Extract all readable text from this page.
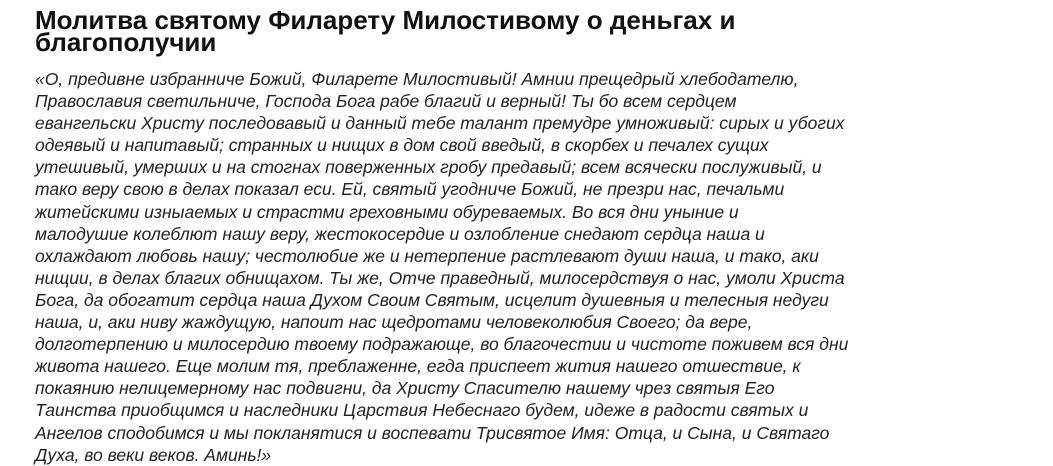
Молитва святому Филарету Милостивому о деньгах и
благополучии

«О, предивне избранниче Божий, Филарете Милостивый! Амнии прещедрый хлебодателю,
Православия светильниче, Господа Бога рабе благий и верный! Ты бо всем сердцем
евангельски Христу последовавый и данный тебе талант премудре умноживый: сирых и убогих
одеявый и напитавый; странных и нищих в дом свой введый, в скорбех и печалех сущих
утешивый, умерших и на стогнах поверженных гробу предавый; всем всячески послуживый, и
тако веру свою в делах показал еси. Ей, святый угодниче Божий, не презри нас, печальми
житейскими изныаемых и страстми греховными обуреваемых. Во вся дни уныние и
малодушие колеблют нашу веру, жестокосердие и озлобление снедают сердца наша и
охлаждают любовь нашу; честолюбие же и нетерпение растлевают души наша, и тако, аки
нищии, в делах благих обнищахом. Ты же, Отче праведный, милосердствуя о нас, умоли Христа
Бога, да обогатит сердца наша Духом Своим Святым, исцелит душевныя и телесныя недуги
наша, и, аки ниву жаждущую, напоит нас щедротами человеколюбия Своего; да вере,
долготерпению и милосердию твоему подражающе, во благочестии и чистоте поживем вся дни
живота нашего. Еще молим тя, преблаженне, егда приспеет жития нашего отшествие, к
покаянию нелицемерному нас подвигни, да Христу Спасителю нашему чрез святыя Его
Таинства приобщимся и наследники Царствия Небеснаго будем, идеже в радости святых и
Ангелов сподобимся и мы покланятися и воспевати Трисвятое Имя: Отца, и Сына, и Святаго
Духа, во веки веков. Аминь!»
